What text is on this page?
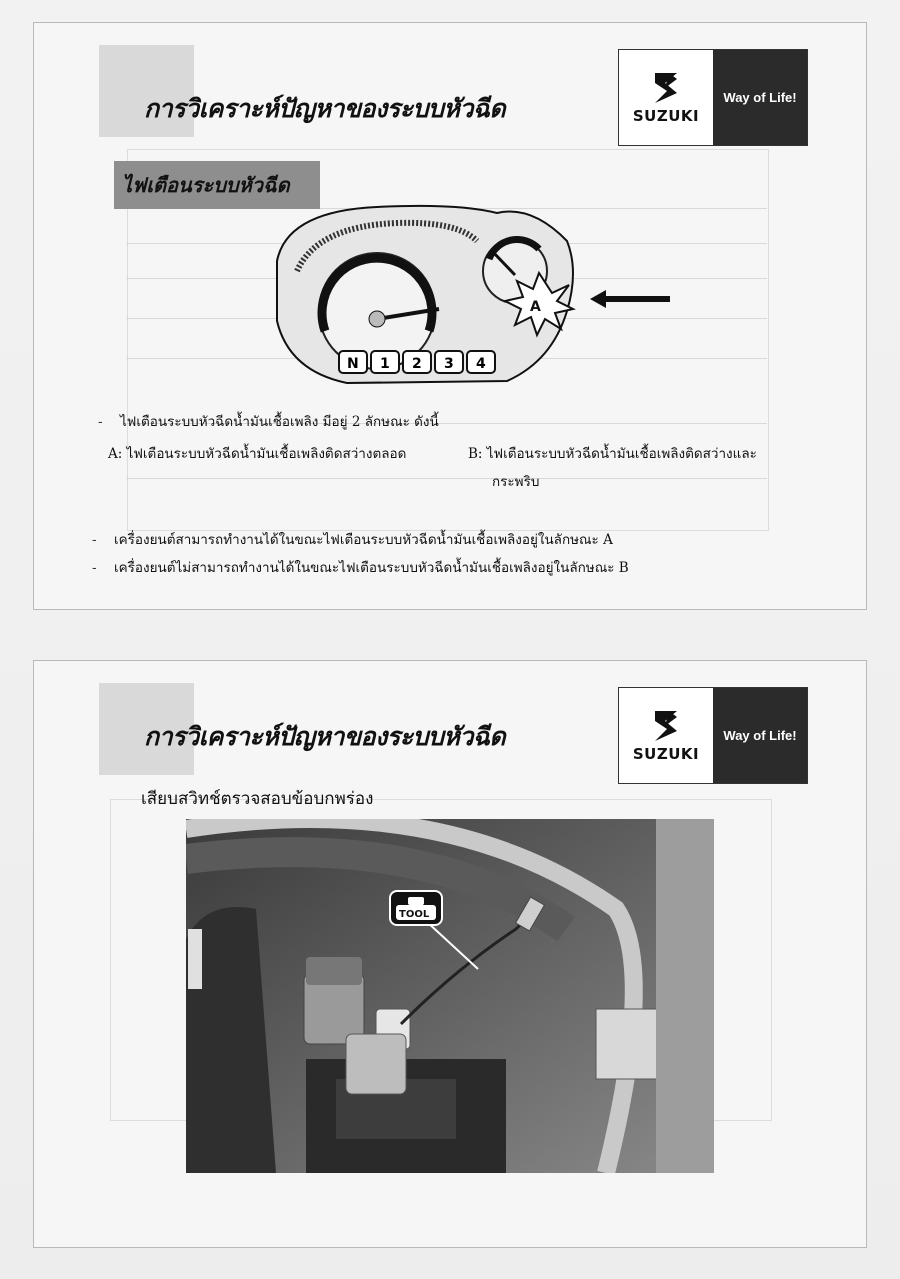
การวิเคราะห์ปัญหาของระบบหัวฉีด	SUZUKI
Way of Life!
ไฟเตือนระบบหัวฉีด
A
N 1 2 3 4
- ไฟเตือนระบบหัวฉีดน้ำมันเชื้อเพลิง มีอยู่ 2 ลักษณะ ดังนี้
A: ไฟเตือนระบบหัวฉีดน้ำมันเชื้อเพลิงติดสว่างตลอด	B: ไฟเตือนระบบหัวฉีดน้ำมันเชื้อเพลิงติดสว่างและ
กระพริบ
- เครื่องยนต์สามารถทำงานได้ในขณะไฟเตือนระบบหัวฉีดน้ำมันเชื้อเพลิงอยู่ในลักษณะ A
- เครื่องยนต์ไม่สามารถทำงานได้ในขณะไฟเตือนระบบหัวฉีดน้ำมันเชื้อเพลิงอยู่ในลักษณะ B
การวิเคราะห์ปัญหาของระบบหัวฉีด
SUZUKI
Way of Life!
เสียบสวิทช์ตรวจสอบข้อบกพร่อง
TOOL
